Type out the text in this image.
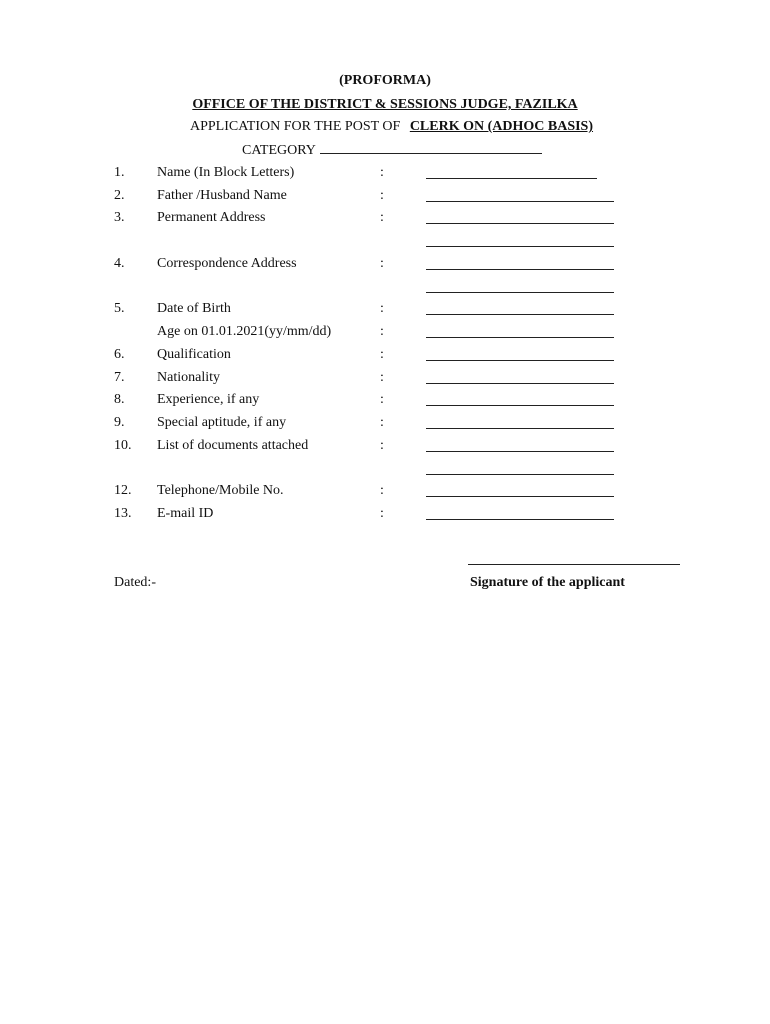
(PROFORMA)
OFFICE OF THE DISTRICT & SESSIONS JUDGE, FAZILKA
APPLICATION FOR THE POST OF CLERK ON (ADHOC BASIS)
CATEGORY
1. Name (In Block Letters)	:
2. Father /Husband Name	:
3. Permanent Address	:
4. Correspondence Address	:
5. Date of Birth	:
Age on 01.01.2021(yy/mm/dd)	:
6. Qualification	:
7. Nationality	:
8. Experience, if any	:
9. Special aptitude, if any	:
10. List of documents attached	:
12. Telephone/Mobile No.	:
13. E-mail ID	:
Dated:-	Signature of the applicant
